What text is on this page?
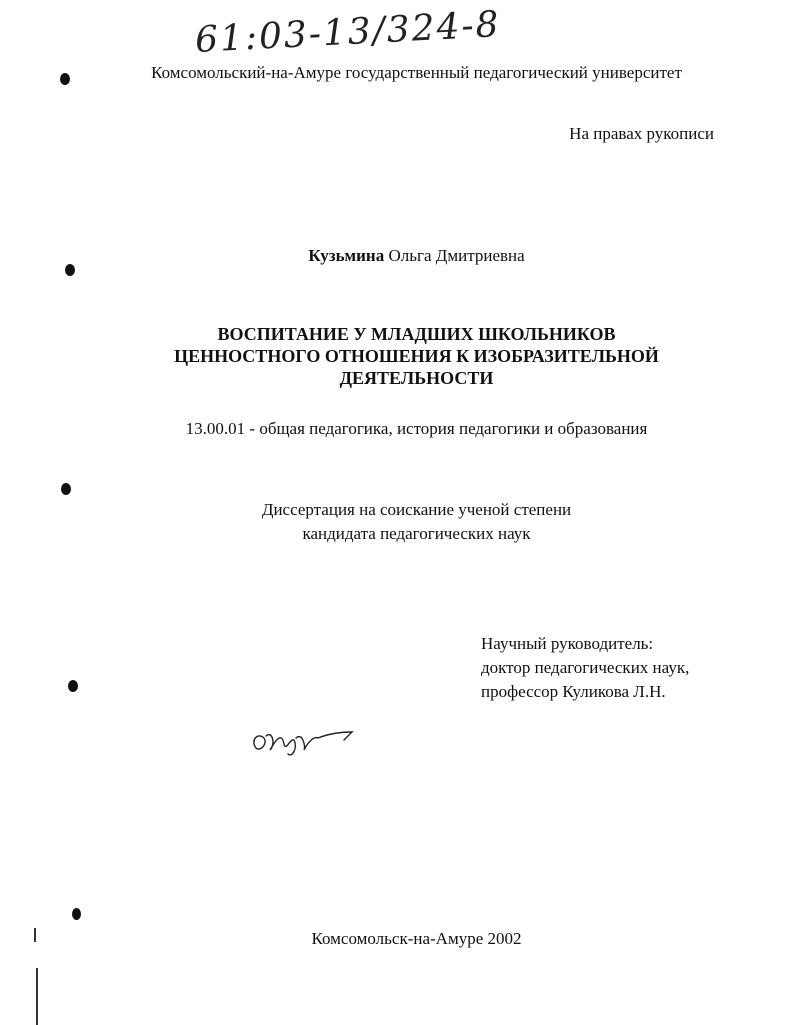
61:03-13/324-8
Комсомольский-на-Амуре государственный педагогический университет
На правах рукописи
Кузьмина Ольга Дмитриевна
ВОСПИТАНИЕ У МЛАДШИХ ШКОЛЬНИКОВ
ЦЕННОСТНОГО ОТНОШЕНИЯ К ИЗОБРАЗИТЕЛЬНОЙ
ДЕЯТЕЛЬНОСТИ
13.00.01 - общая педагогика, история педагогики и образования
Диссертация на соискание ученой степени
кандидата педагогических наук
Научный руководитель:
доктор педагогических наук,
профессор Куликова Л.Н.
Комсомольск-на-Амуре 2002
